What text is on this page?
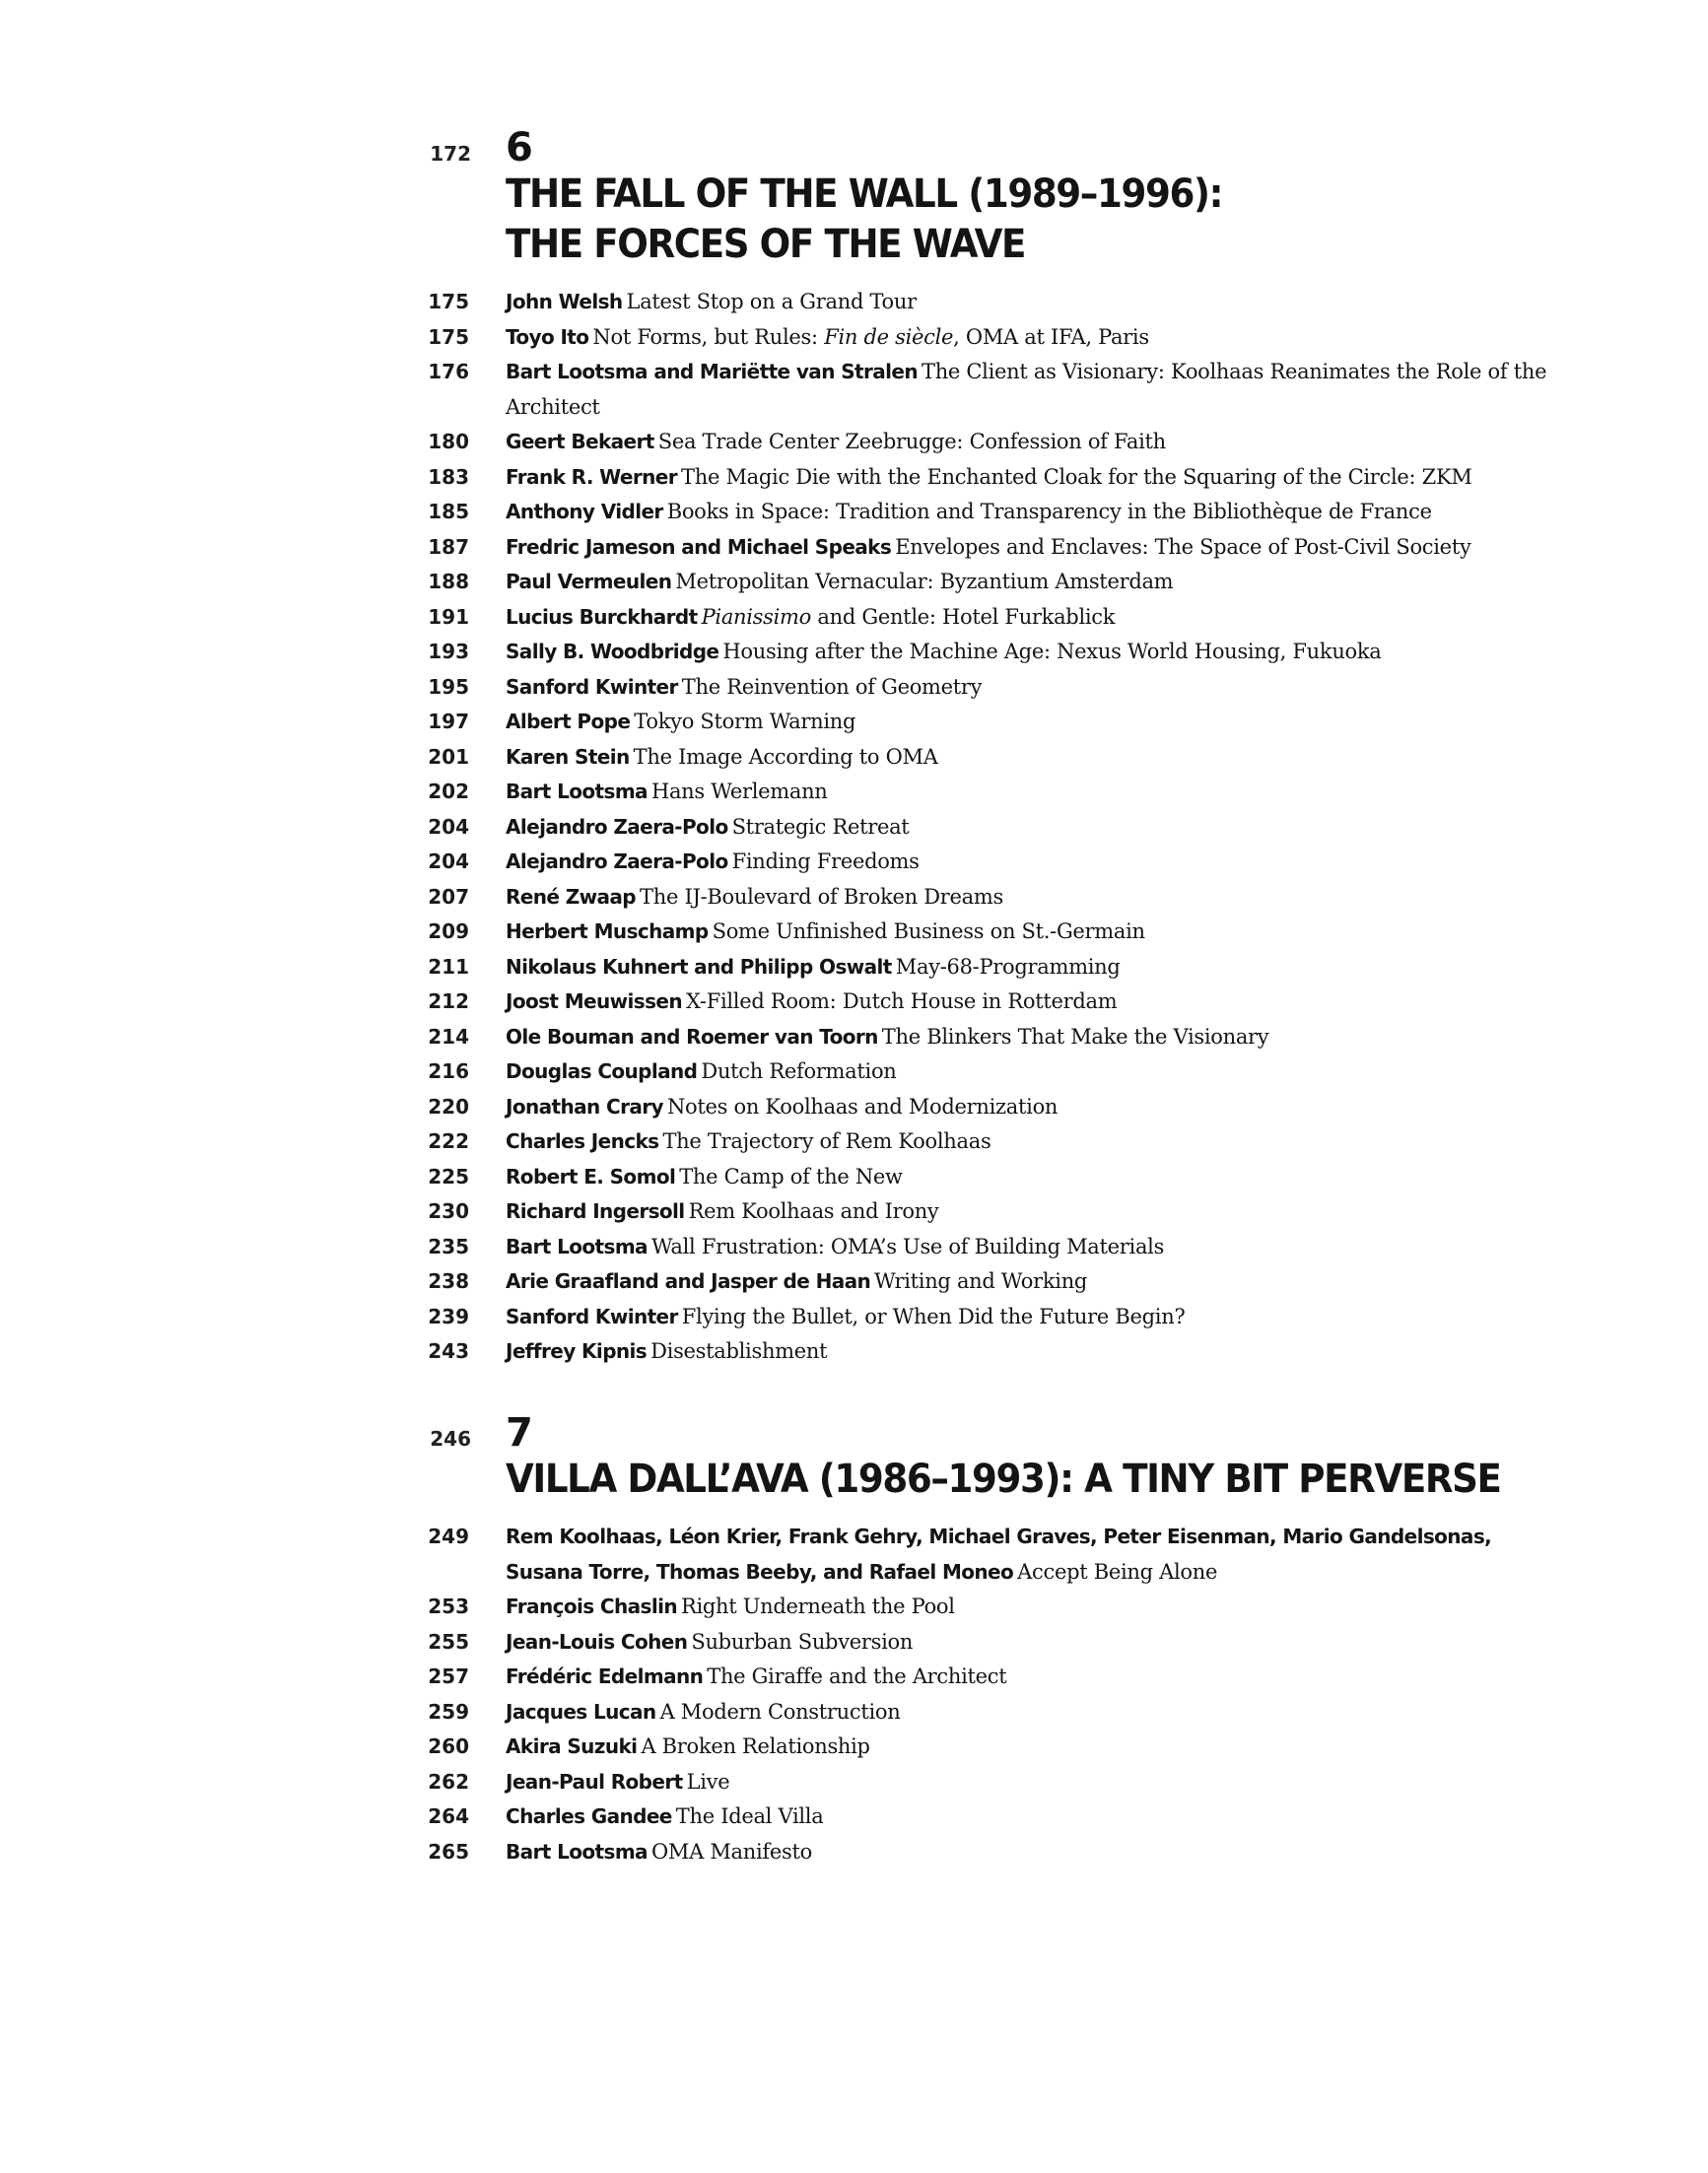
172 6
THE FALL OF THE WALL (1989–1996):
THE FORCES OF THE WAVE
175 John Welsh Latest Stop on a Grand Tour
175 Toyo Ito Not Forms, but Rules: Fin de siècle, OMA at IFA, Paris
176 Bart Lootsma and Mariëtte van Stralen The Client as Visionary: Koolhaas Reanimates the Role of the Architect
180 Geert Bekaert Sea Trade Center Zeebrugge: Confession of Faith
183 Frank R. Werner The Magic Die with the Enchanted Cloak for the Squaring of the Circle: ZKM
185 Anthony Vidler Books in Space: Tradition and Transparency in the Bibliothèque de France
187 Fredric Jameson and Michael Speaks Envelopes and Enclaves: The Space of Post-Civil Society
188 Paul Vermeulen Metropolitan Vernacular: Byzantium Amsterdam
191 Lucius Burckhardt Pianissimo and Gentle: Hotel Furkablick
193 Sally B. Woodbridge Housing after the Machine Age: Nexus World Housing, Fukuoka
195 Sanford Kwinter The Reinvention of Geometry
197 Albert Pope Tokyo Storm Warning
201 Karen Stein The Image According to OMA
202 Bart Lootsma Hans Werlemann
204 Alejandro Zaera-Polo Strategic Retreat
204 Alejandro Zaera-Polo Finding Freedoms
207 René Zwaap The IJ-Boulevard of Broken Dreams
209 Herbert Muschamp Some Unfinished Business on St.-Germain
211 Nikolaus Kuhnert and Philipp Oswalt May-68-Programming
212 Joost Meuwissen X-Filled Room: Dutch House in Rotterdam
214 Ole Bouman and Roemer van Toorn The Blinkers That Make the Visionary
216 Douglas Coupland Dutch Reformation
220 Jonathan Crary Notes on Koolhaas and Modernization
222 Charles Jencks The Trajectory of Rem Koolhaas
225 Robert E. Somol The Camp of the New
230 Richard Ingersoll Rem Koolhaas and Irony
235 Bart Lootsma Wall Frustration: OMA’s Use of Building Materials
238 Arie Graafland and Jasper de Haan Writing and Working
239 Sanford Kwinter Flying the Bullet, or When Did the Future Begin?
243 Jeffrey Kipnis Disestablishment
246 7
VILLA DALL’AVA (1986–1993): A TINY BIT PERVERSE
249 Rem Koolhaas, Léon Krier, Frank Gehry, Michael Graves, Peter Eisenman, Mario Gandelsonas, Susana Torre, Thomas Beeby, and Rafael Moneo Accept Being Alone
253 François Chaslin Right Underneath the Pool
255 Jean-Louis Cohen Suburban Subversion
257 Frédéric Edelmann The Giraffe and the Architect
259 Jacques Lucan A Modern Construction
260 Akira Suzuki A Broken Relationship
262 Jean-Paul Robert Live
264 Charles Gandee The Ideal Villa
265 Bart Lootsma OMA Manifesto
